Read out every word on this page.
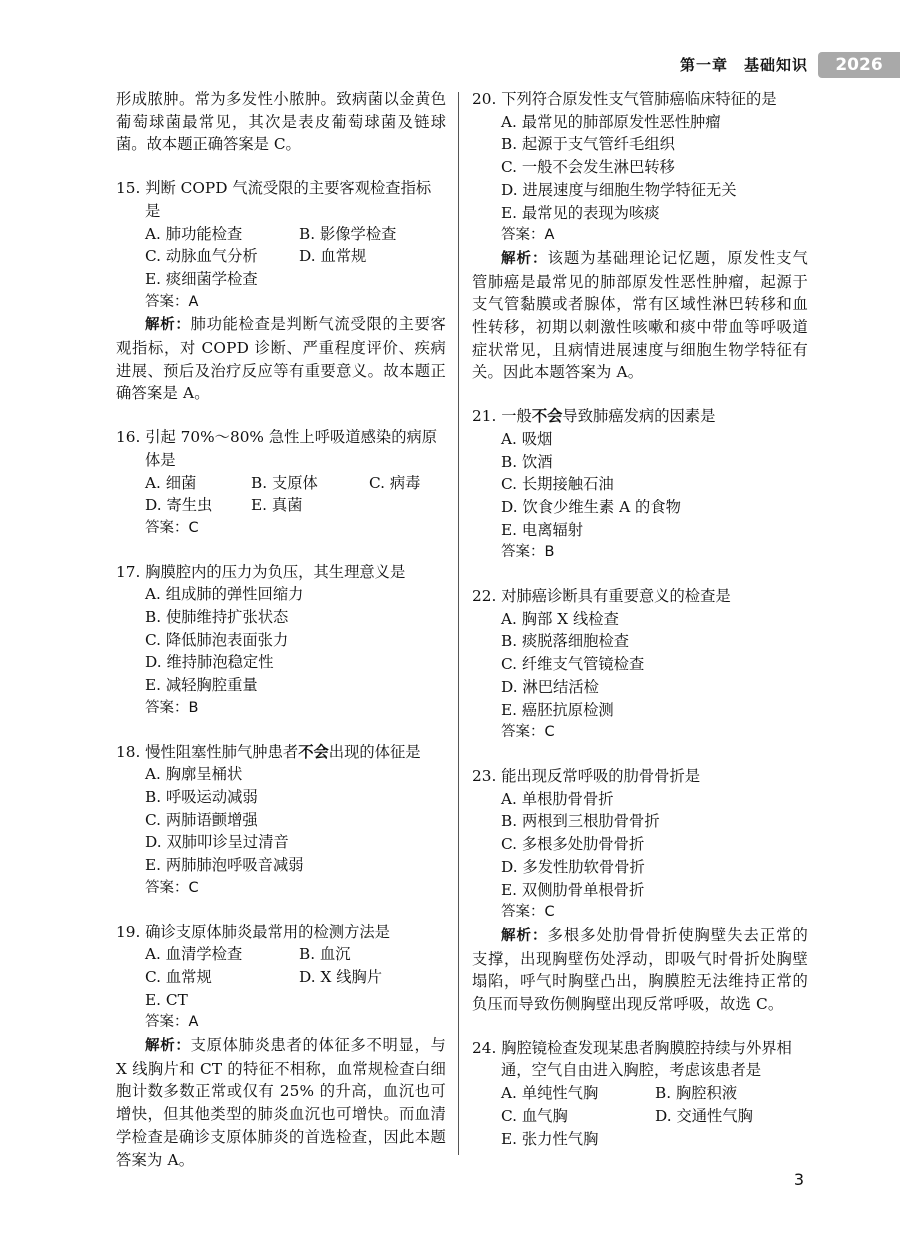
第一章　基础知识	2026

形成脓肿。常为多发性小脓肿。致病菌以金黄色葡萄球菌最常见，其次是表皮葡萄球菌及链球菌。故本题正确答案是 C。

15. 判断 COPD 气流受限的主要客观检查指标是
A. 肺功能检查	B. 影像学检查
C. 动脉血气分析	D. 血常规
E. 痰细菌学检查
答案：A
解析：肺功能检查是判断气流受限的主要客观指标，对 COPD 诊断、严重程度评价、疾病进展、预后及治疗反应等有重要意义。故本题正确答案是 A。
16. 引起 70%～80% 急性上呼吸道感染的病原体是
A. 细菌	B. 支原体	C. 病毒
D. 寄生虫	E. 真菌
答案：C
17. 胸膜腔内的压力为负压，其生理意义是
A. 组成肺的弹性回缩力
B. 使肺维持扩张状态
C. 降低肺泡表面张力
D. 维持肺泡稳定性
E. 减轻胸腔重量
答案：B
18. 慢性阻塞性肺气肿患者不会出现的体征是
A. 胸廓呈桶状
B. 呼吸运动减弱
C. 两肺语颤增强
D. 双肺叩诊呈过清音
E. 两肺肺泡呼吸音减弱
答案：C
19. 确诊支原体肺炎最常用的检测方法是
A. 血清学检查	B. 血沉
C. 血常规	D. X 线胸片
E. CT
答案：A
解析：支原体肺炎患者的体征多不明显，与 X 线胸片和 CT 的特征不相称，血常规检查白细胞计数多数正常或仅有 25% 的升高，血沉也可增快，但其他类型的肺炎血沉也可增快。而血清学检查是确诊支原体肺炎的首选检查，因此本题答案为 A。
20. 下列符合原发性支气管肺癌临床特征的是
A. 最常见的肺部原发性恶性肿瘤
B. 起源于支气管纤毛组织
C. 一般不会发生淋巴转移
D. 进展速度与细胞生物学特征无关
E. 最常见的表现为咳痰
答案：A
解析：该题为基础理论记忆题，原发性支气管肺癌是最常见的肺部原发性恶性肿瘤，起源于支气管黏膜或者腺体，常有区域性淋巴转移和血性转移，初期以刺激性咳嗽和痰中带血等呼吸道症状常见，且病情进展速度与细胞生物学特征有关。因此本题答案为 A。
21. 一般不会导致肺癌发病的因素是
A. 吸烟
B. 饮酒
C. 长期接触石油
D. 饮食少维生素 A 的食物
E. 电离辐射
答案：B
22. 对肺癌诊断具有重要意义的检查是
A. 胸部 X 线检查
B. 痰脱落细胞检查
C. 纤维支气管镜检查
D. 淋巴结活检
E. 癌胚抗原检测
答案：C
23. 能出现反常呼吸的肋骨骨折是
A. 单根肋骨骨折
B. 两根到三根肋骨骨折
C. 多根多处肋骨骨折
D. 多发性肋软骨骨折
E. 双侧肋骨单根骨折
答案：C
解析：多根多处肋骨骨折使胸壁失去正常的支撑，出现胸壁伤处浮动，即吸气时骨折处胸壁塌陷，呼气时胸壁凸出，胸膜腔无法维持正常的负压而导致伤侧胸壁出现反常呼吸，故选 C。
24. 胸腔镜检查发现某患者胸膜腔持续与外界相通，空气自由进入胸腔，考虑该患者是
A. 单纯性气胸	B. 胸腔积液
C. 血气胸	D. 交通性气胸
E. 张力性气胸
3
